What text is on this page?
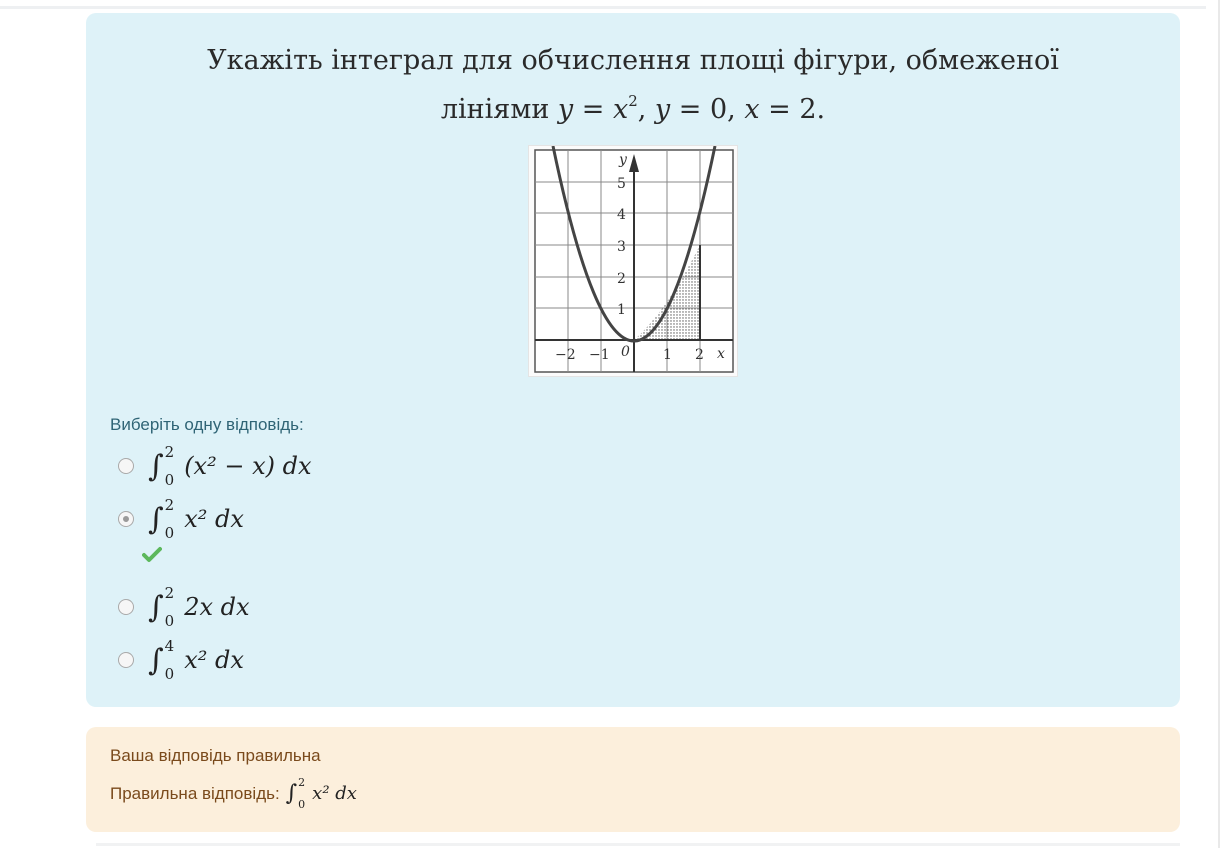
Укажіть інтеграл для обчислення площі фігури, обмеженої
лініями $y = x^2$, y = 0, x = 2.
y
x
5
4
3
2
1
−2 −1 0 1 2
Виберіть одну відповідь:
∫ 2
0 (x² − x) dx
∫ 2
0 x² dx
∫ 2
0 2x dx
∫ 4
0 x² dx
Ваша відповідь правильна
Правильна відповідь: ∫ 2
0 x² dx
